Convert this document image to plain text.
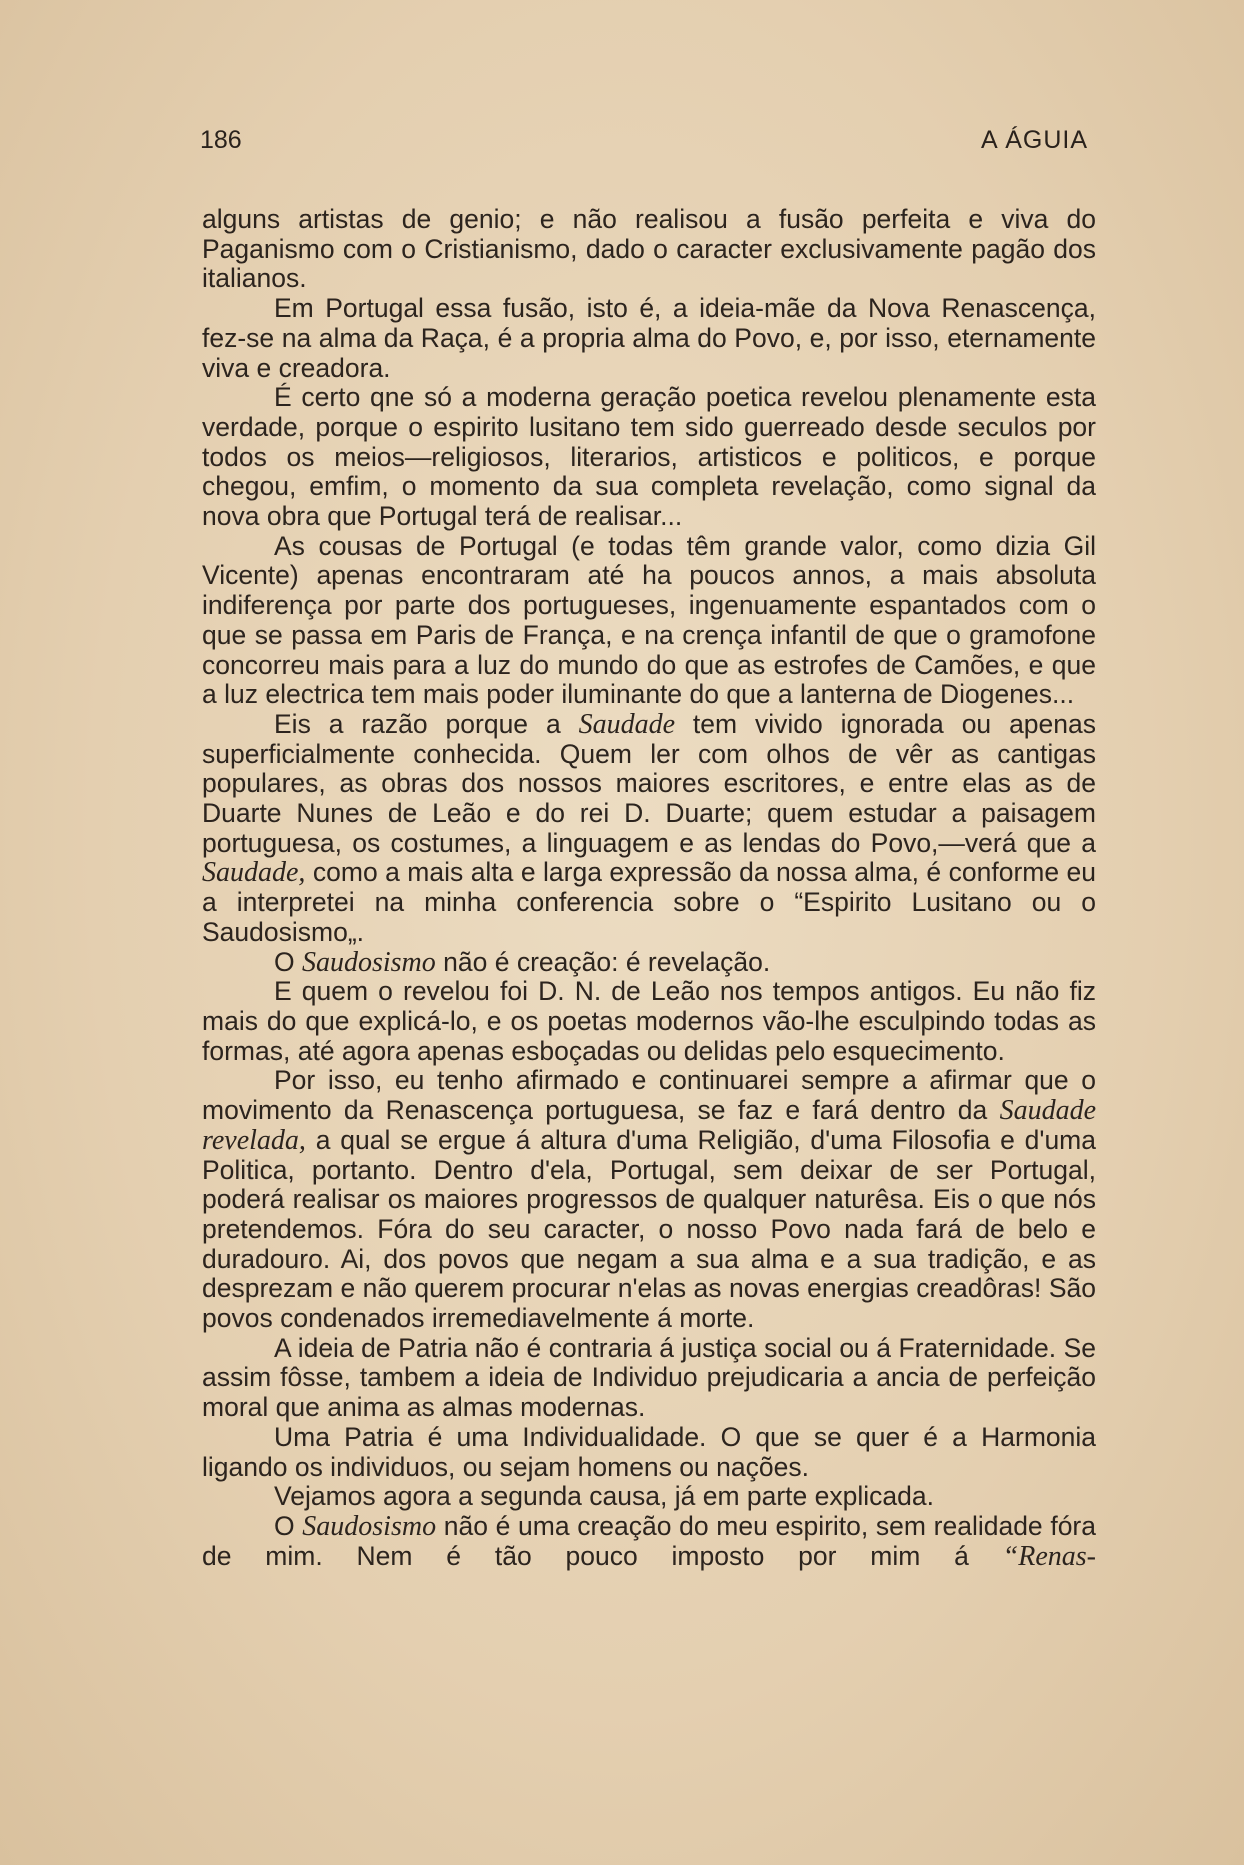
186	A ÁGUIA

alguns artistas de genio; e não realisou a fusão perfeita e viva do Paganismo com o Cristianismo, dado o caracter exclusivamente pagão dos italianos.

Em Portugal essa fusão, isto é, a ideia-mãe da Nova Renascença, fez-se na alma da Raça, é a propria alma do Povo, e, por isso, eternamente viva e creadora.

É certo qne só a moderna geração poetica revelou plenamente esta verdade, porque o espirito lusitano tem sido guerreado desde seculos por todos os meios—religiosos, literarios, artisticos e politicos, e porque chegou, emfim, o momento da sua completa revelação, como signal da nova obra que Portugal terá de realisar...

As cousas de Portugal (e todas têm grande valor, como dizia Gil Vicente) apenas encontraram até ha poucos annos, a mais absoluta indiferença por parte dos portugueses, ingenuamente espantados com o que se passa em Paris de França, e na crença infantil de que o gramofone concorreu mais para a luz do mundo do que as estrofes de Camões, e que a luz electrica tem mais poder iluminante do que a lanterna de Diogenes...

Eis a razão porque a Saudade tem vivido ignorada ou apenas superficialmente conhecida. Quem ler com olhos de vêr as cantigas populares, as obras dos nossos maiores escritores, e entre elas as de Duarte Nunes de Leão e do rei D. Duarte; quem estudar a paisagem portuguesa, os costumes, a linguagem e as lendas do Povo,—verá que a Saudade, como a mais alta e larga expressão da nossa alma, é conforme eu a interpretei na minha conferencia sobre o “Espirito Lusitano ou o Saudosismo„.

O Saudosismo não é creação: é revelação.

E quem o revelou foi D. N. de Leão nos tempos antigos. Eu não fiz mais do que explicá-lo, e os poetas modernos vão-lhe esculpindo todas as formas, até agora apenas esboçadas ou delidas pelo esquecimento.

Por isso, eu tenho afirmado e continuarei sempre a afirmar que o movimento da Renascença portuguesa, se faz e fará dentro da Saudade revelada, a qual se ergue á altura d'uma Religião, d'uma Filosofia e d'uma Politica, portanto. Dentro d'ela, Portugal, sem deixar de ser Portugal, poderá realisar os maiores progressos de qualquer naturêsa. Eis o que nós pretendemos. Fóra do seu caracter, o nosso Povo nada fará de belo e duradouro. Ai, dos povos que negam a sua alma e a sua tradição, e as desprezam e não querem procurar n'elas as novas energias creadôras! São povos condenados irremediavelmente á morte.

A ideia de Patria não é contraria á justiça social ou á Fraternidade. Se assim fôsse, tambem a ideia de Individuo prejudicaria a ancia de perfeição moral que anima as almas modernas.

Uma Patria é uma Individualidade. O que se quer é a Harmonia ligando os individuos, ou sejam homens ou nações.

Vejamos agora a segunda causa, já em parte explicada.

O Saudosismo não é uma creação do meu espirito, sem realidade fóra de mim. Nem é tão pouco imposto por mim á “Renas-
